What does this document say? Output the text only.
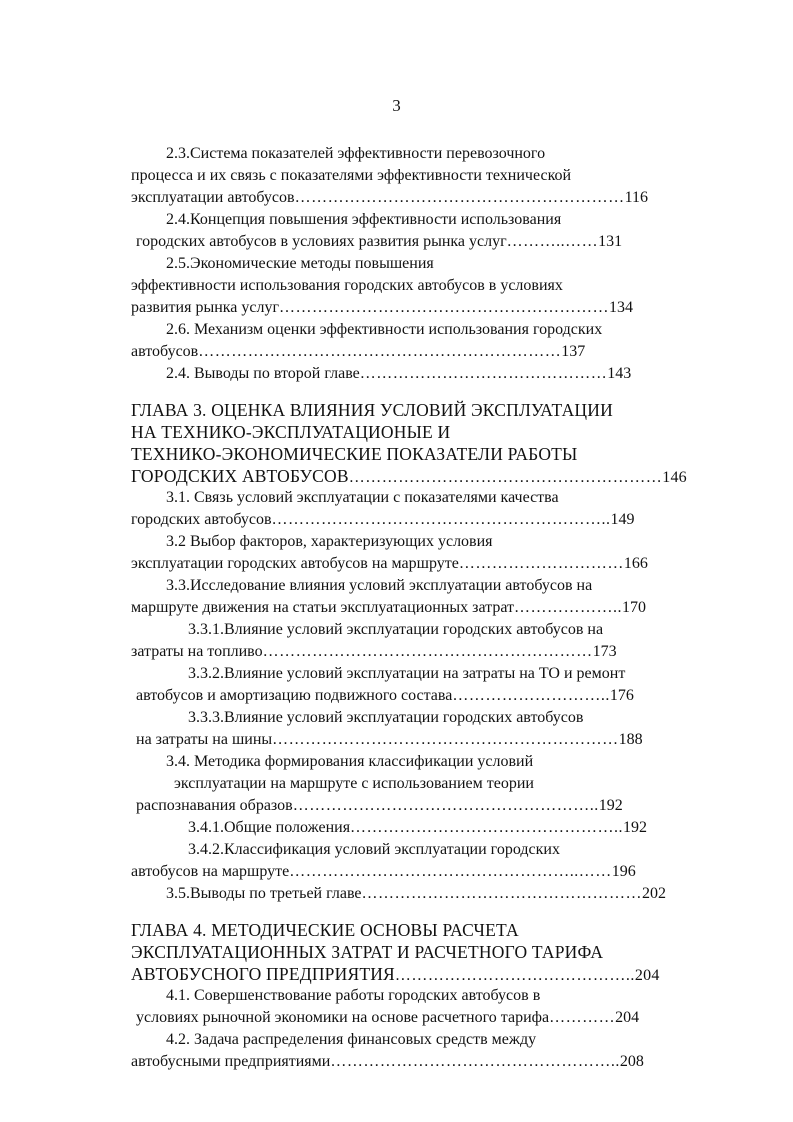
3
2.3.Система показателей эффективности перевозочного
процесса и их связь с показателями эффективности технической
эксплуатации автобусов……………………………………………………116
2.4.Концепция повышения эффективности использования
городских автобусов в условиях развития рынка услуг………..……131
2.5.Экономические методы повышения
эффективности использования городских автобусов в условиях
развития рынка услуг……………………………………………………134
2.6. Механизм оценки эффективности использования городских
автобусов…………………………………………………………137
2.4. Выводы по второй главе………………………………………143
ГЛАВА 3. ОЦЕНКА ВЛИЯНИЯ УСЛОВИЙ ЭКСПЛУАТАЦИИ
НА ТЕХНИКО-ЭКСПЛУАТАЦИОНЫЕ И
ТЕХНИКО-ЭКОНОМИЧЕСКИЕ ПОКАЗАТЕЛИ РАБОТЫ
ГОРОДСКИХ АВТОБУСОВ…………………………………………………146
3.1. Связь условий эксплуатации с показателями качества
городских автобусов……………………………………………………..149
3.2 Выбор факторов, характеризующих условия
эксплуатации городских автобусов на маршруте…………………………166
3.3.Исследование влияния условий эксплуатации автобусов на
маршруте движения на статьи эксплуатационных затрат………………..170
3.3.1.Влияние условий эксплуатации городских автобусов на
затраты на топливо……………………………………………………173
3.3.2.Влияние условий эксплуатации на затраты на ТО и ремонт
автобусов и амортизацию подвижного состава………………………..176
3.3.3.Влияние условий эксплуатации городских автобусов
на затраты на шины………………………………………………………188
3.4. Методика формирования классификации условий
эксплуатации на маршруте с использованием теории
распознавания образов………………………………………………..192
3.4.1.Общие положения…………………………………………..192
3.4.2.Классификация условий эксплуатации городских
автобусов на маршруте……………………………………………..……196
3.5.Выводы по третьей главе……………………………………………202
ГЛАВА 4. МЕТОДИЧЕСКИЕ ОСНОВЫ РАСЧЕТА
ЭКСПЛУАТАЦИОННЫХ ЗАТРАТ И РАСЧЕТНОГО ТАРИФА
АВТОБУСНОГО ПРЕДПРИЯТИЯ……………………………………..204
4.1. Совершенствование работы городских автобусов в
условиях рыночной экономики на основе расчетного тарифа…………204
4.2. Задача распределения финансовых средств между
автобусными предприятиями……………………………………………..208
